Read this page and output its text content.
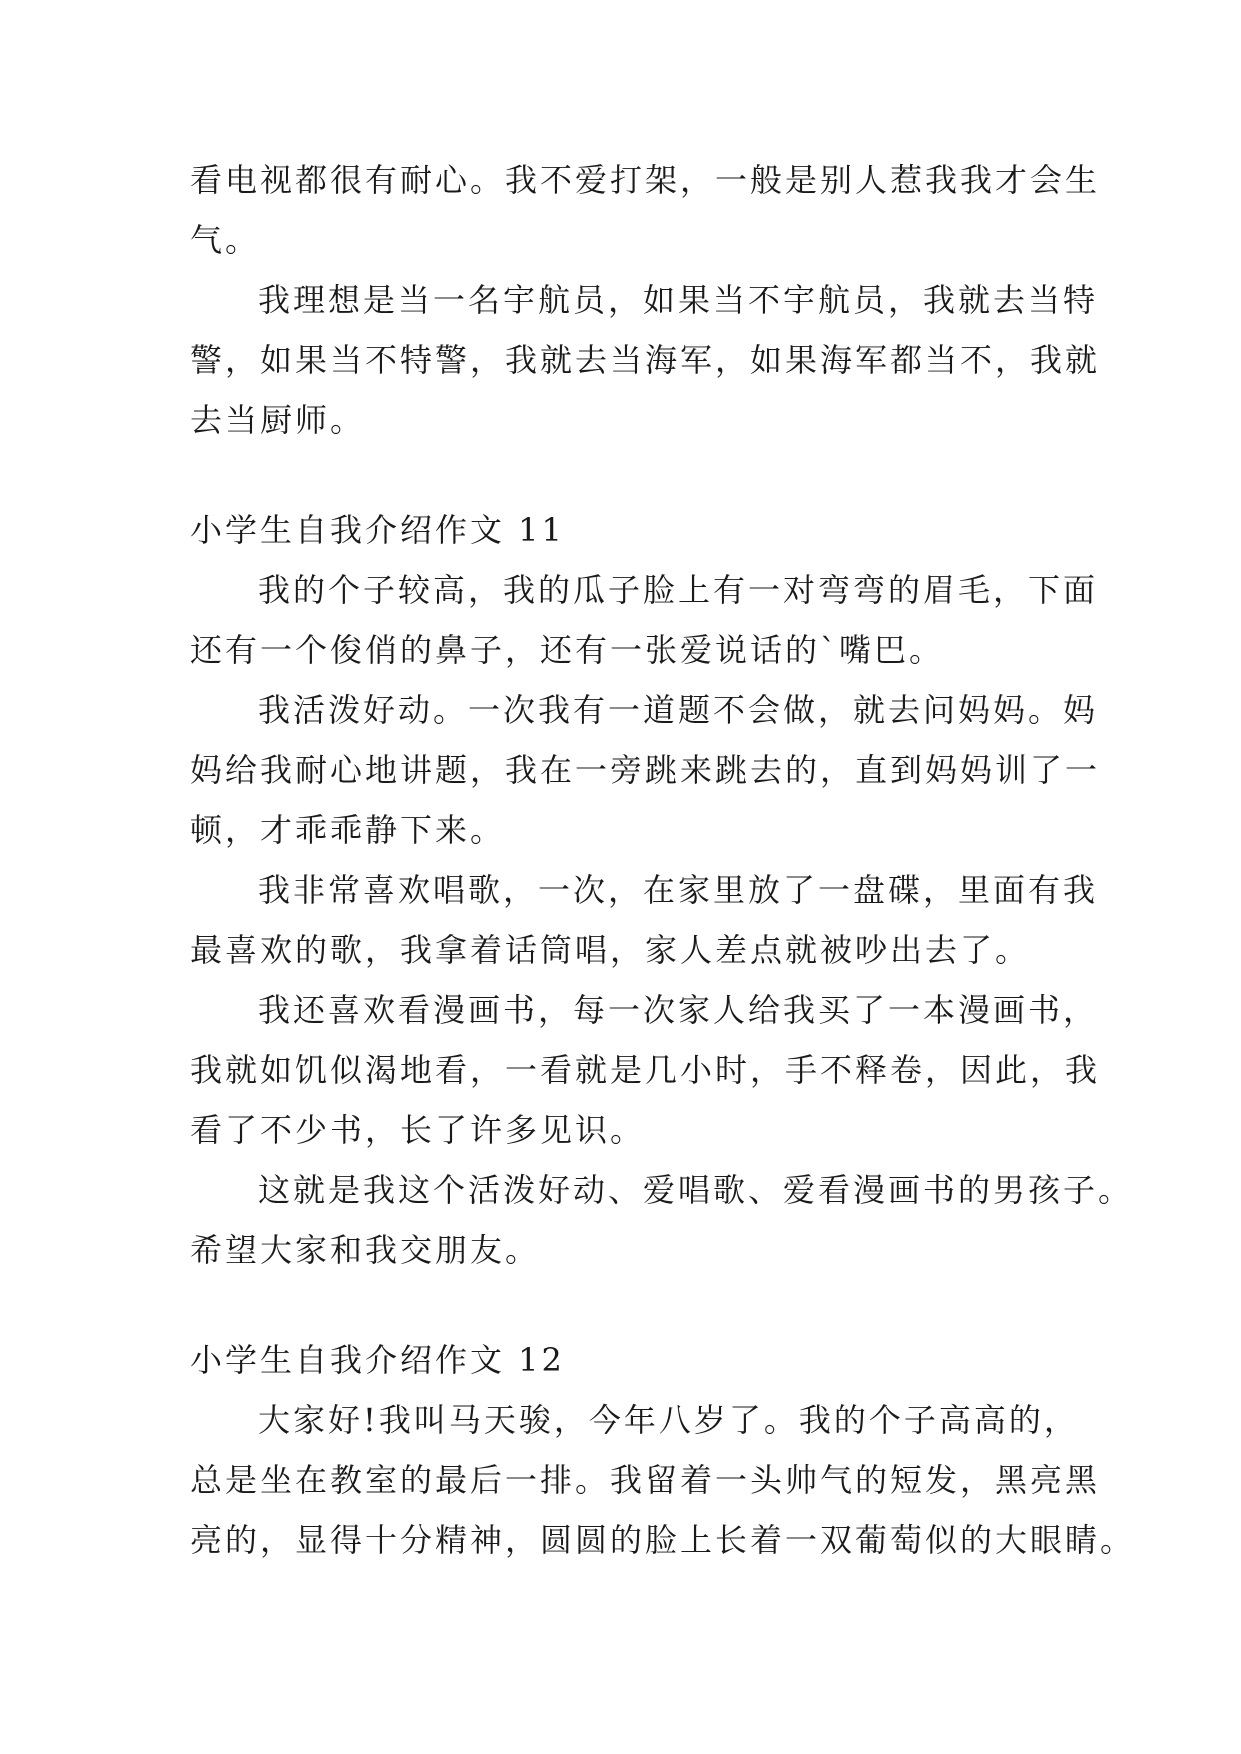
看电视都很有耐心。我不爱打架，一般是别人惹我我才会生
气。
我理想是当一名宇航员，如果当不宇航员，我就去当特
警，如果当不特警，我就去当海军，如果海军都当不，我就
去当厨师。
小学生自我介绍作文 11
我的个子较高，我的瓜子脸上有一对弯弯的眉毛，下面
还有一个俊俏的鼻子，还有一张爱说话的`嘴巴。
我活泼好动。一次我有一道题不会做，就去问妈妈。妈
妈给我耐心地讲题，我在一旁跳来跳去的，直到妈妈训了一
顿，才乖乖静下来。
我非常喜欢唱歌，一次，在家里放了一盘碟，里面有我
最喜欢的歌，我拿着话筒唱，家人差点就被吵出去了。
我还喜欢看漫画书，每一次家人给我买了一本漫画书，
我就如饥似渴地看，一看就是几小时，手不释卷，因此，我
看了不少书，长了许多见识。
这就是我这个活泼好动、爱唱歌、爱看漫画书的男孩子。
希望大家和我交朋友。
小学生自我介绍作文 12
大家好!我叫马天骏，今年八岁了。我的个子高高的，
总是坐在教室的最后一排。我留着一头帅气的短发，黑亮黑
亮的，显得十分精神，圆圆的脸上长着一双葡萄似的大眼睛。
